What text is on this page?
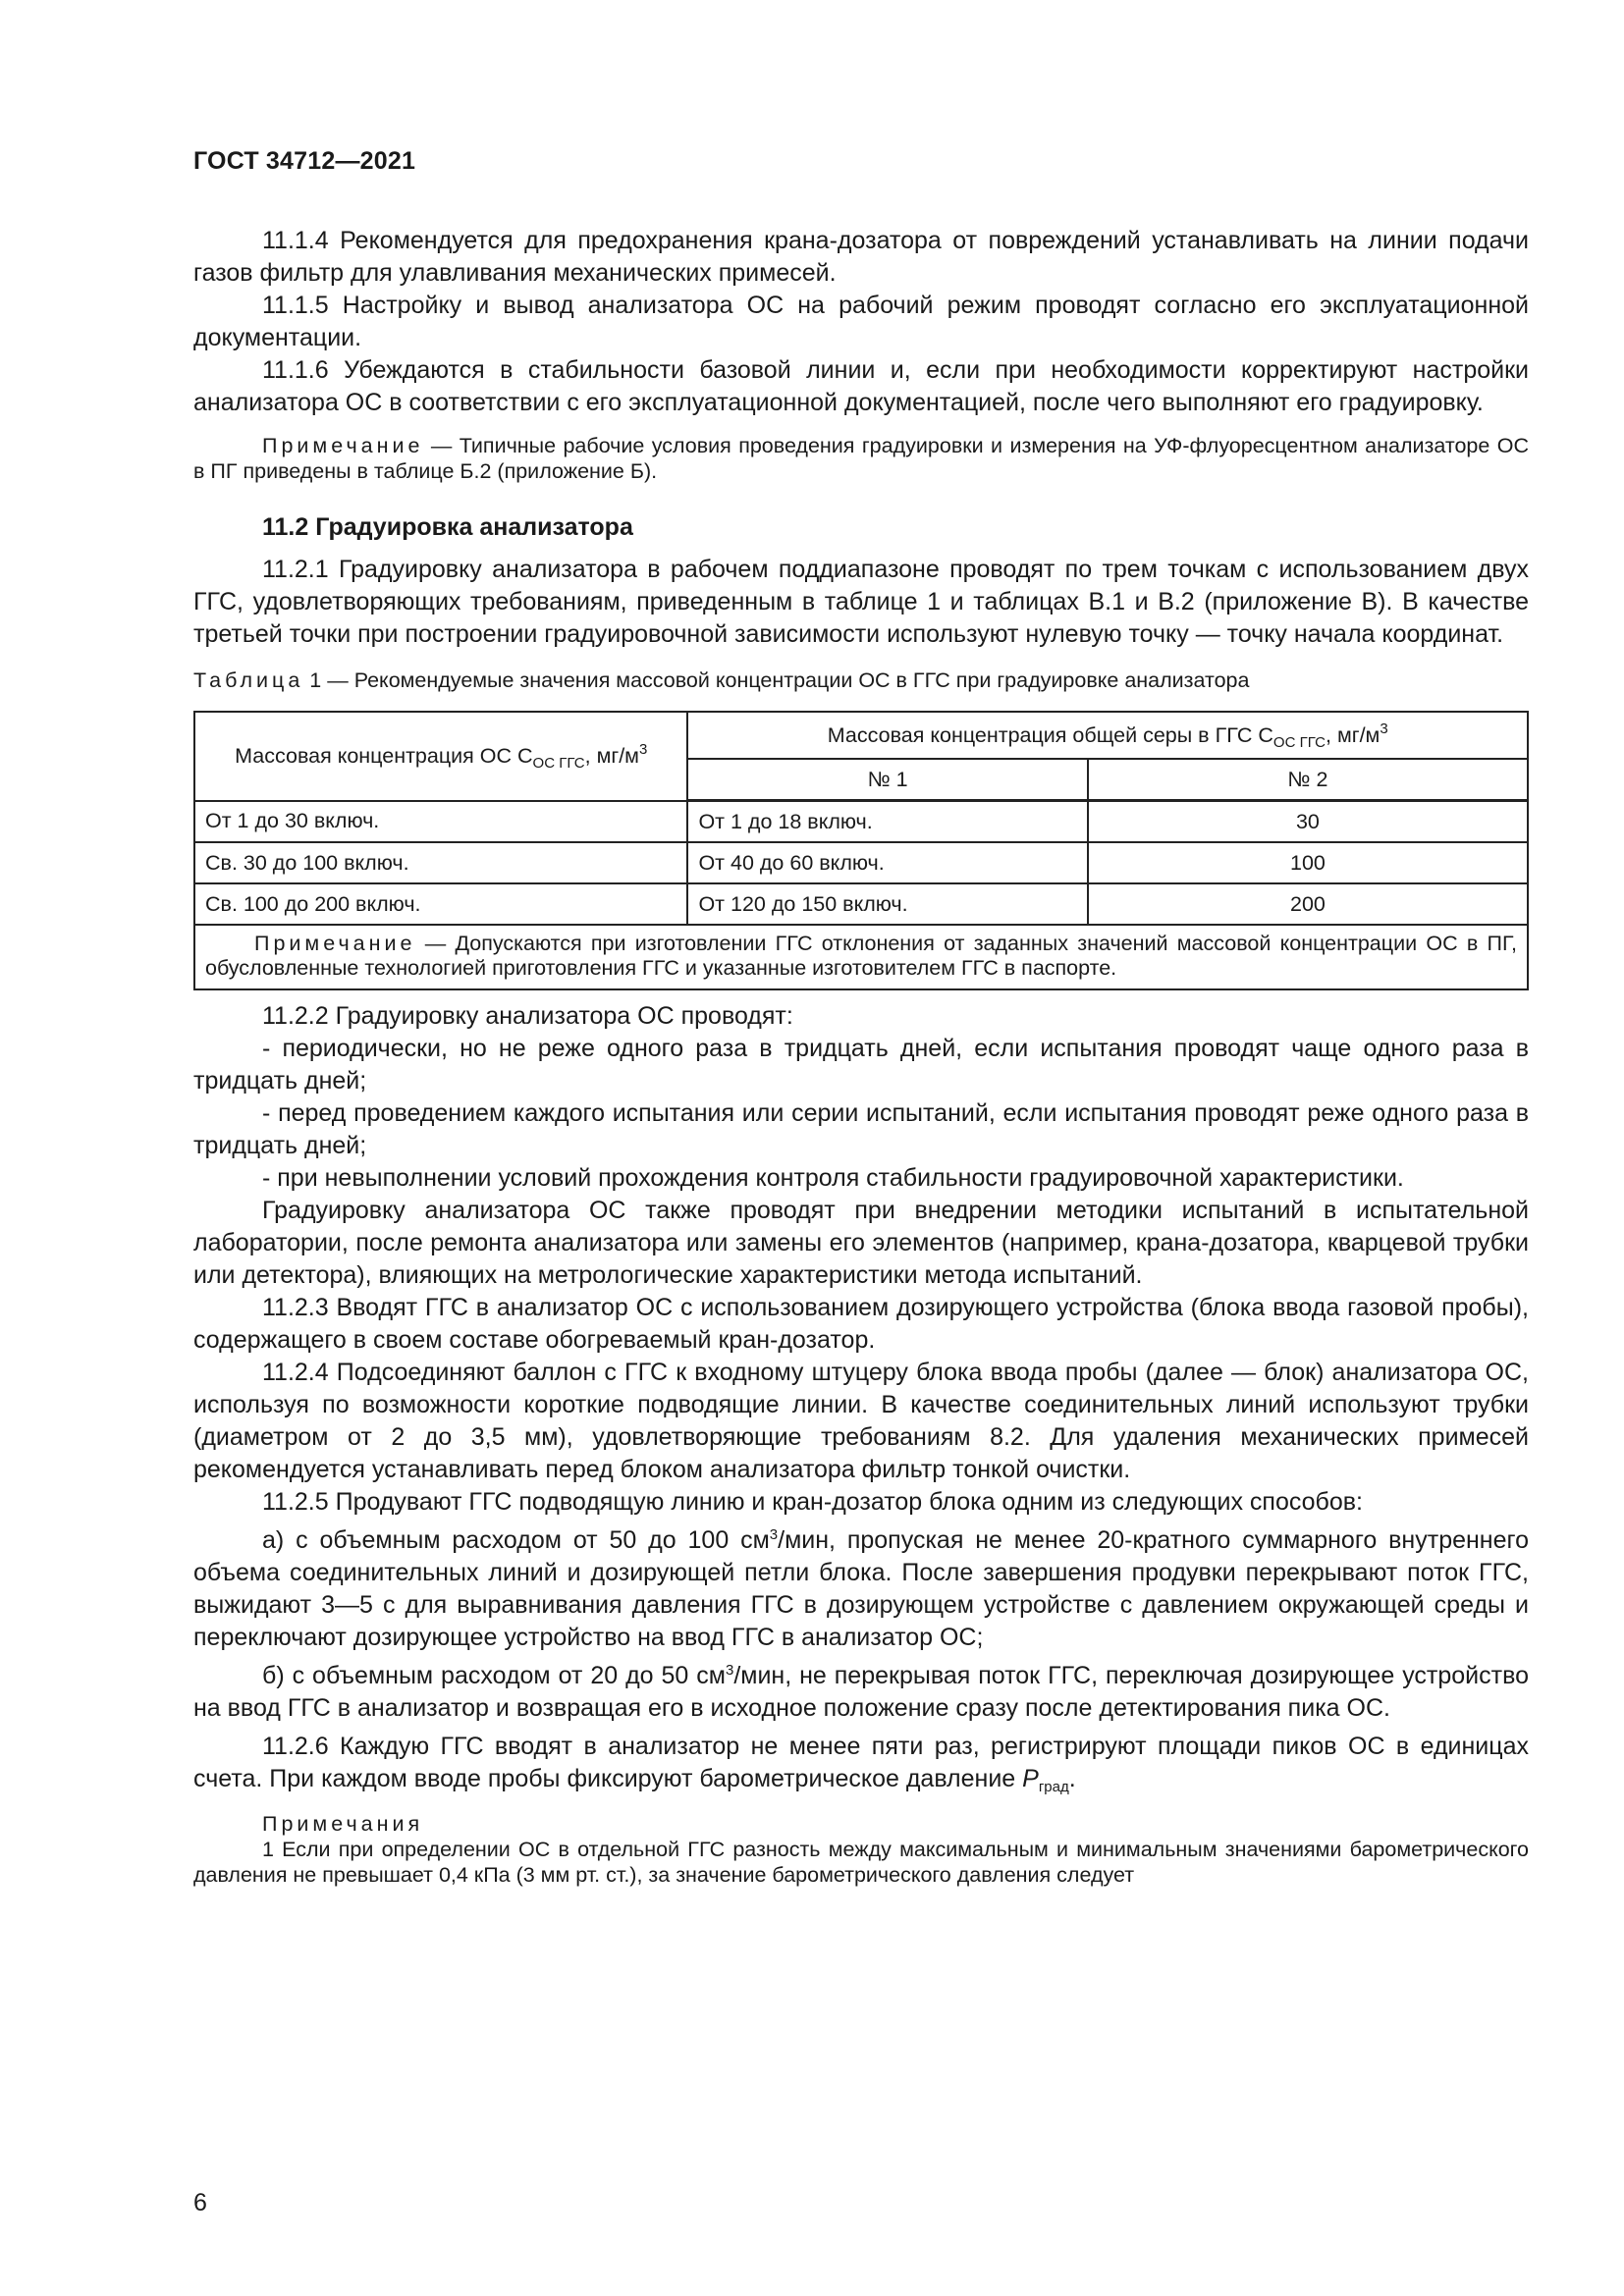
ГОСТ 34712—2021

11.1.4 Рекомендуется для предохранения крана-дозатора от повреждений устанавливать на линии подачи газов фильтр для улавливания механических примесей.

11.1.5 Настройку и вывод анализатора ОС на рабочий режим проводят согласно его эксплуатационной документации.

11.1.6 Убеждаются в стабильности базовой линии и, если при необходимости корректируют настройки анализатора ОС в соответствии с его эксплуатационной документацией, после чего выполняют его градуировку.

Примечание — Типичные рабочие условия проведения градуировки и измерения на УФ-флуоресцентном анализаторе ОС в ПГ приведены в таблице Б.2 (приложение Б).

11.2 Градуировка анализатора

11.2.1 Градуировку анализатора в рабочем поддиапазоне проводят по трем точкам с использованием двух ГГС, удовлетворяющих требованиям, приведенным в таблице 1 и таблицах В.1 и В.2 (приложение В). В качестве третьей точки при построении градуировочной зависимости используют нулевую точку — точку начала координат.

Таблица 1 — Рекомендуемые значения массовой концентрации ОС в ГГС при градуировке анализатора
Массовая концентрация ОС $С_{ОС ГГС}$, $мг/м^3$	Массовая концентрация общей серы в ГГС $С_{ОС ГГС}$, $мг/м^3$
	№ 1	№ 2
От 1 до 30 включ.	От 1 до 18 включ.	30
Св. 30 до 100 включ.	От 40 до 60 включ.	100
Св. 100 до 200 включ.	От 120 до 150 включ.	200
Примечание — Допускаются при изготовлении ГГС отклонения от заданных значений массовой концентрации ОС в ПГ, обусловленные технологией приготовления ГГС и указанные изготовителем ГГС в паспорте.		

11.2.2 Градуировку анализатора ОС проводят:

- периодически, но не реже одного раза в тридцать дней, если испытания проводят чаще одного раза в тридцать дней;

- перед проведением каждого испытания или серии испытаний, если испытания проводят реже одного раза в тридцать дней;

- при невыполнении условий прохождения контроля стабильности градуировочной характеристики.

Градуировку анализатора ОС также проводят при внедрении методики испытаний в испытательной лаборатории, после ремонта анализатора или замены его элементов (например, крана-дозатора, кварцевой трубки или детектора), влияющих на метрологические характеристики метода испытаний.

11.2.3 Вводят ГГС в анализатор ОС с использованием дозирующего устройства (блока ввода газовой пробы), содержащего в своем составе обогреваемый кран-дозатор.

11.2.4 Подсоединяют баллон с ГГС к входному штуцеру блока ввода пробы (далее — блок) анализатора ОС, используя по возможности короткие подводящие линии. В качестве соединительных линий используют трубки (диаметром от 2 до 3,5 мм), удовлетворяющие требованиям 8.2. Для удаления механических примесей рекомендуется устанавливать перед блоком анализатора фильтр тонкой очистки.

11.2.5 Продувают ГГС подводящую линию и кран-дозатор блока одним из следующих способов:

а) с объемным расходом от 50 до 100 $см^3$/мин, пропуская не менее 20-кратного суммарного внутреннего объема соединительных линий и дозирующей петли блока. После завершения продувки перекрывают поток ГГС, выжидают 3—5 с для выравнивания давления ГГС в дозирующем устройстве с давлением окружающей среды и переключают дозирующее устройство на ввод ГГС в анализатор ОС;

б) с объемным расходом от 20 до 50 $см^3$/мин, не перекрывая поток ГГС, переключая дозирующее устройство на ввод ГГС в анализатор и возвращая его в исходное положение сразу после детектирования пика ОС.

11.2.6 Каждую ГГС вводят в анализатор не менее пяти раз, регистрируют площади пиков ОС в единицах счета. При каждом вводе пробы фиксируют барометрическое давление $Р_{град}$.

Примечания

1 Если при определении ОС в отдельной ГГС разность между максимальным и минимальным значениями барометрического давления не превышает 0,4 кПа (3 мм рт. ст.), за значение барометрического давления следует

6
